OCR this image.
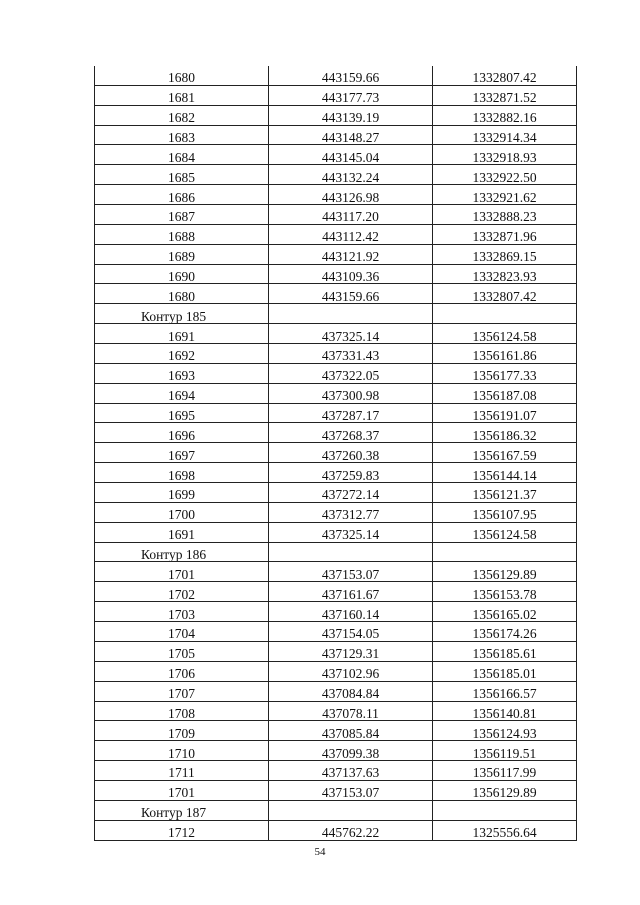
1680	443159.66	1332807.42
1681	443177.73	1332871.52
1682	443139.19	1332882.16
1683	443148.27	1332914.34
1684	443145.04	1332918.93
1685	443132.24	1332922.50
1686	443126.98	1332921.62
1687	443117.20	1332888.23
1688	443112.42	1332871.96
1689	443121.92	1332869.15
1690	443109.36	1332823.93
1680	443159.66	1332807.42
Контур 185		
1691	437325.14	1356124.58
1692	437331.43	1356161.86
1693	437322.05	1356177.33
1694	437300.98	1356187.08
1695	437287.17	1356191.07
1696	437268.37	1356186.32
1697	437260.38	1356167.59
1698	437259.83	1356144.14
1699	437272.14	1356121.37
1700	437312.77	1356107.95
1691	437325.14	1356124.58
Контур 186		
1701	437153.07	1356129.89
1702	437161.67	1356153.78
1703	437160.14	1356165.02
1704	437154.05	1356174.26
1705	437129.31	1356185.61
1706	437102.96	1356185.01
1707	437084.84	1356166.57
1708	437078.11	1356140.81
1709	437085.84	1356124.93
1710	437099.38	1356119.51
1711	437137.63	1356117.99
1701	437153.07	1356129.89
Контур 187		
1712	445762.22	1325556.64
54
